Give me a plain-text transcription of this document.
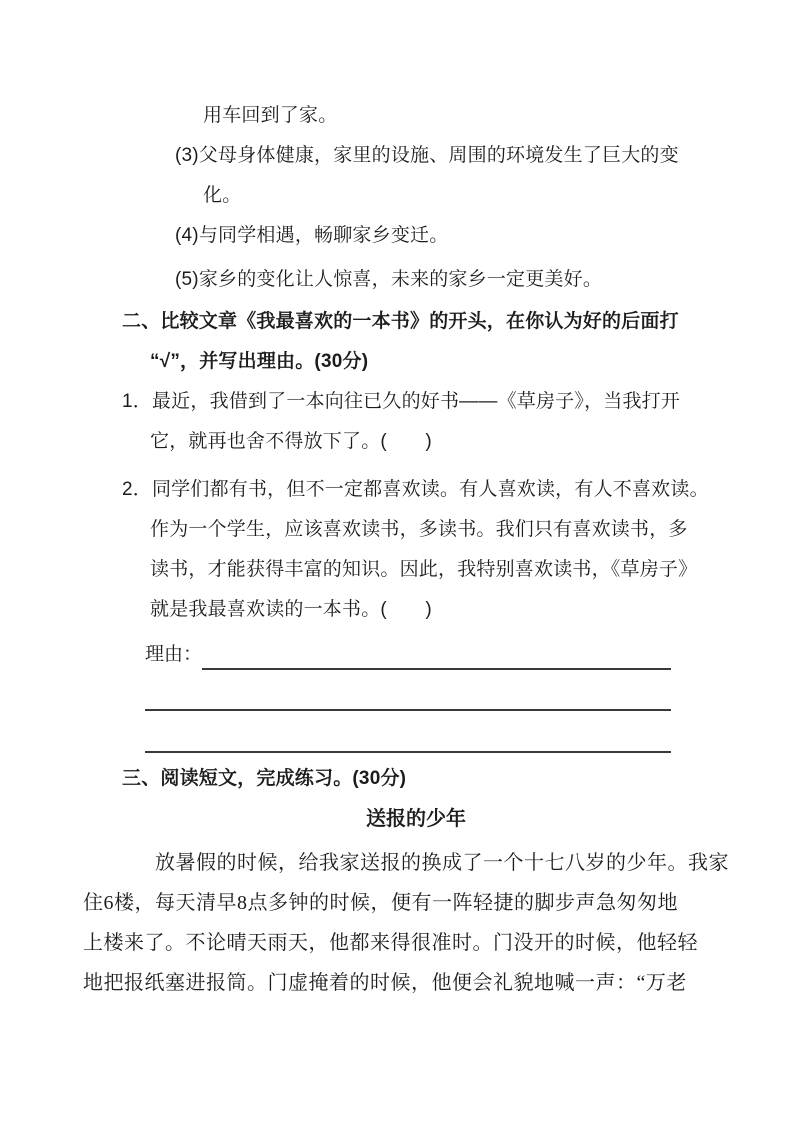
用车回到了家。
(3)父母身体健康，家里的设施、周围的环境发生了巨大的变
化。
(4)与同学相遇，畅聊家乡变迁。
(5)家乡的变化让人惊喜，未来的家乡一定更美好。
二、比较文章《我最喜欢的一本书》的开头，在你认为好的后面打
“√”，并写出理由。(30分)
1．最近，我借到了一本向往已久的好书——《草房子》，当我打开
它，就再也舍不得放下了。(　　)
2．同学们都有书，但不一定都喜欢读。有人喜欢读，有人不喜欢读。
作为一个学生，应该喜欢读书，多读书。我们只有喜欢读书，多
读书，才能获得丰富的知识。因此，我特别喜欢读书，《草房子》
就是我最喜欢读的一本书。(　　)
理由：
三、阅读短文，完成练习。(30分)
送报的少年
放暑假的时候，给我家送报的换成了一个十七八岁的少年。我家
住6楼，每天清早8点多钟的时候，便有一阵轻捷的脚步声急匆匆地
上楼来了。不论晴天雨天，他都来得很准时。门没开的时候，他轻轻
地把报纸塞进报筒。门虚掩着的时候，他便会礼貌地喊一声：“万老
